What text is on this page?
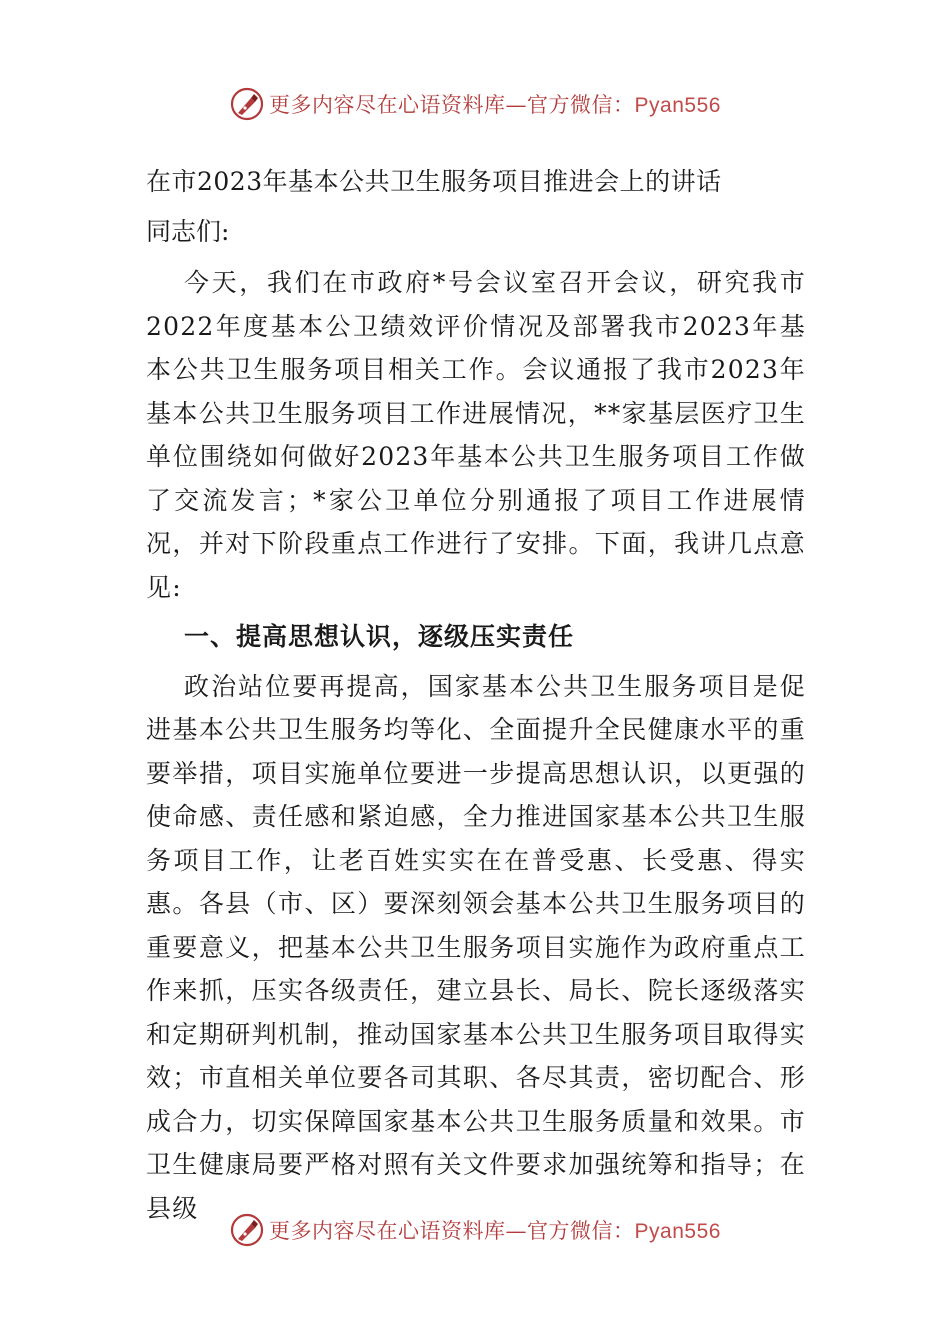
更多内容尽在心语资料库—官方微信：Pyan556
在市2023年基本公共卫生服务项目推进会上的讲话
同志们:
今天，我们在市政府*号会议室召开会议，研究我市2022年度基本公卫绩效评价情况及部署我市2023年基本公共卫生服务项目相关工作。会议通报了我市2023年基本公共卫生服务项目工作进展情况，**家基层医疗卫生单位围绕如何做好2023年基本公共卫生服务项目工作做了交流发言；*家公卫单位分别通报了项目工作进展情况，并对下阶段重点工作进行了安排。下面，我讲几点意见:
一、提高思想认识，逐级压实责任
政治站位要再提高，国家基本公共卫生服务项目是促进基本公共卫生服务均等化、全面提升全民健康水平的重要举措，项目实施单位要进一步提高思想认识，以更强的使命感、责任感和紧迫感，全力推进国家基本公共卫生服务项目工作，让老百姓实实在在普受惠、长受惠、得实惠。各县（市、区）要深刻领会基本公共卫生服务项目的重要意义，把基本公共卫生服务项目实施作为政府重点工作来抓，压实各级责任，建立县长、局长、院长逐级落实和定期研判机制，推动国家基本公共卫生服务项目取得实效；市直相关单位要各司其职、各尽其责，密切配合、形成合力，切实保障国家基本公共卫生服务质量和效果。市卫生健康局要严格对照有关文件要求加强统筹和指导；在县级
更多内容尽在心语资料库—官方微信：Pyan556
